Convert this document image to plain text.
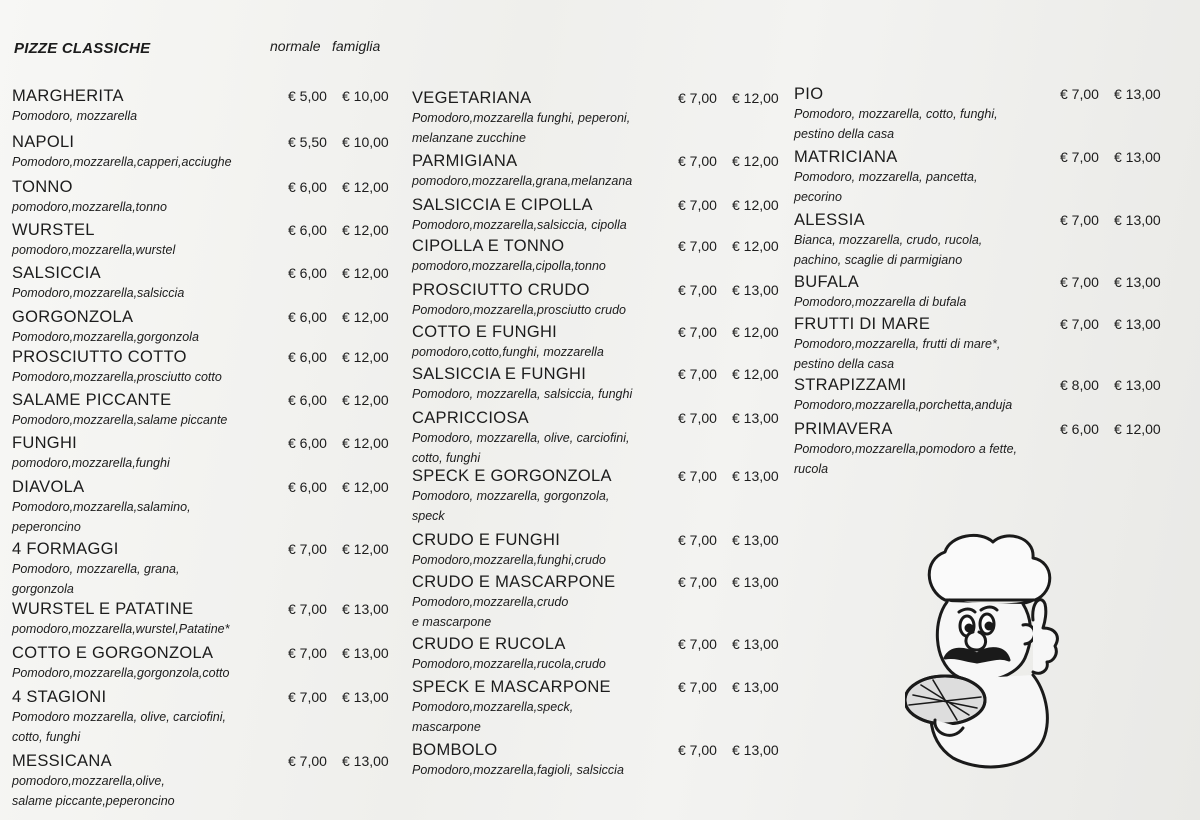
PIZZE CLASSICHE	normale famiglia
MARGHERITA
Pomodoro, mozzarella
€ 5,00 € 10,00
NAPOLI
Pomodoro,mozzarella,capperi,acciughe
€ 5,50 € 10,00
TONNO
pomodoro,mozzarella,tonno
€ 6,00 € 12,00
WURSTEL
pomodoro,mozzarella,wurstel
€ 6,00 € 12,00
SALSICCIA
Pomodoro,mozzarella,salsiccia
€ 6,00 € 12,00
GORGONZOLA
Pomodoro,mozzarella,gorgonzola
€ 6,00 € 12,00
PROSCIUTTO COTTO
Pomodoro,mozzarella,prosciutto cotto
€ 6,00 € 12,00
SALAME PICCANTE
Pomodoro,mozzarella,salame piccante
€ 6,00 € 12,00
FUNGHI
pomodoro,mozzarella,funghi
€ 6,00 € 12,00
DIAVOLA
Pomodoro,mozzarella,salamino,
peperoncino
€ 6,00 € 12,00
4 FORMAGGI
Pomodoro, mozzarella, grana,
gorgonzola
€ 7,00 € 12,00
WURSTEL E PATATINE
pomodoro,mozzarella,wurstel,Patatine*
€ 7,00 € 13,00
COTTO E GORGONZOLA
Pomodoro,mozzarella,gorgonzola,cotto
€ 7,00 € 13,00
4 STAGIONI
Pomodoro mozzarella, olive, carciofini,
cotto, funghi
€ 7,00 € 13,00
MESSICANA
pomodoro,mozzarella,olive,
salame piccante,peperoncino
€ 7,00 € 13,00
VEGETARIANA
Pomodoro,mozzarella funghi, peperoni,
melanzane zucchine
€ 7,00 € 12,00
PARMIGIANA
pomodoro,mozzarella,grana,melanzana
€ 7,00 € 12,00
SALSICCIA E CIPOLLA
Pomodoro,mozzarella,salsiccia, cipolla
€ 7,00 € 12,00
CIPOLLA E TONNO
pomodoro,mozzarella,cipolla,tonno
€ 7,00 € 12,00
PROSCIUTTO CRUDO
Pomodoro,mozzarella,prosciutto crudo
€ 7,00 € 13,00
COTTO E FUNGHI
pomodoro,cotto,funghi, mozzarella
€ 7,00 € 12,00
SALSICCIA E FUNGHI
Pomodoro, mozzarella, salsiccia, funghi
€ 7,00 € 12,00
CAPRICCIOSA
Pomodoro, mozzarella, olive, carciofini,
cotto, funghi
€ 7,00 € 13,00
SPECK E GORGONZOLA
Pomodoro, mozzarella, gorgonzola,
speck
€ 7,00 € 13,00
CRUDO E FUNGHI
Pomodoro,mozzarella,funghi,crudo
€ 7,00 € 13,00
CRUDO E MASCARPONE
Pomodoro,mozzarella,crudo
e mascarpone
€ 7,00 € 13,00
CRUDO E RUCOLA
Pomodoro,mozzarella,rucola,crudo
€ 7,00 € 13,00
SPECK E MASCARPONE
Pomodoro,mozzarella,speck,
mascarpone
€ 7,00 € 13,00
BOMBOLO
Pomodoro,mozzarella,fagioli, salsiccia
€ 7,00 € 13,00
PIO
Pomodoro, mozzarella, cotto, funghi,
pestino della casa
€ 7,00 € 13,00
MATRICIANA
Pomodoro, mozzarella, pancetta,
pecorino
€ 7,00 € 13,00
ALESSIA
Bianca, mozzarella, crudo, rucola,
pachino, scaglie di parmigiano
€ 7,00 € 13,00
BUFALA
Pomodoro,mozzarella di bufala
€ 7,00 € 13,00
FRUTTI DI MARE
Pomodoro,mozzarella, frutti di mare*,
pestino della casa
€ 7,00 € 13,00
STRAPIZZAMI
Pomodoro,mozzarella,porchetta,anduja
€ 8,00 € 13,00
PRIMAVERA
Pomodoro,mozzarella,pomodoro a fette,
rucola
€ 6,00 € 12,00
